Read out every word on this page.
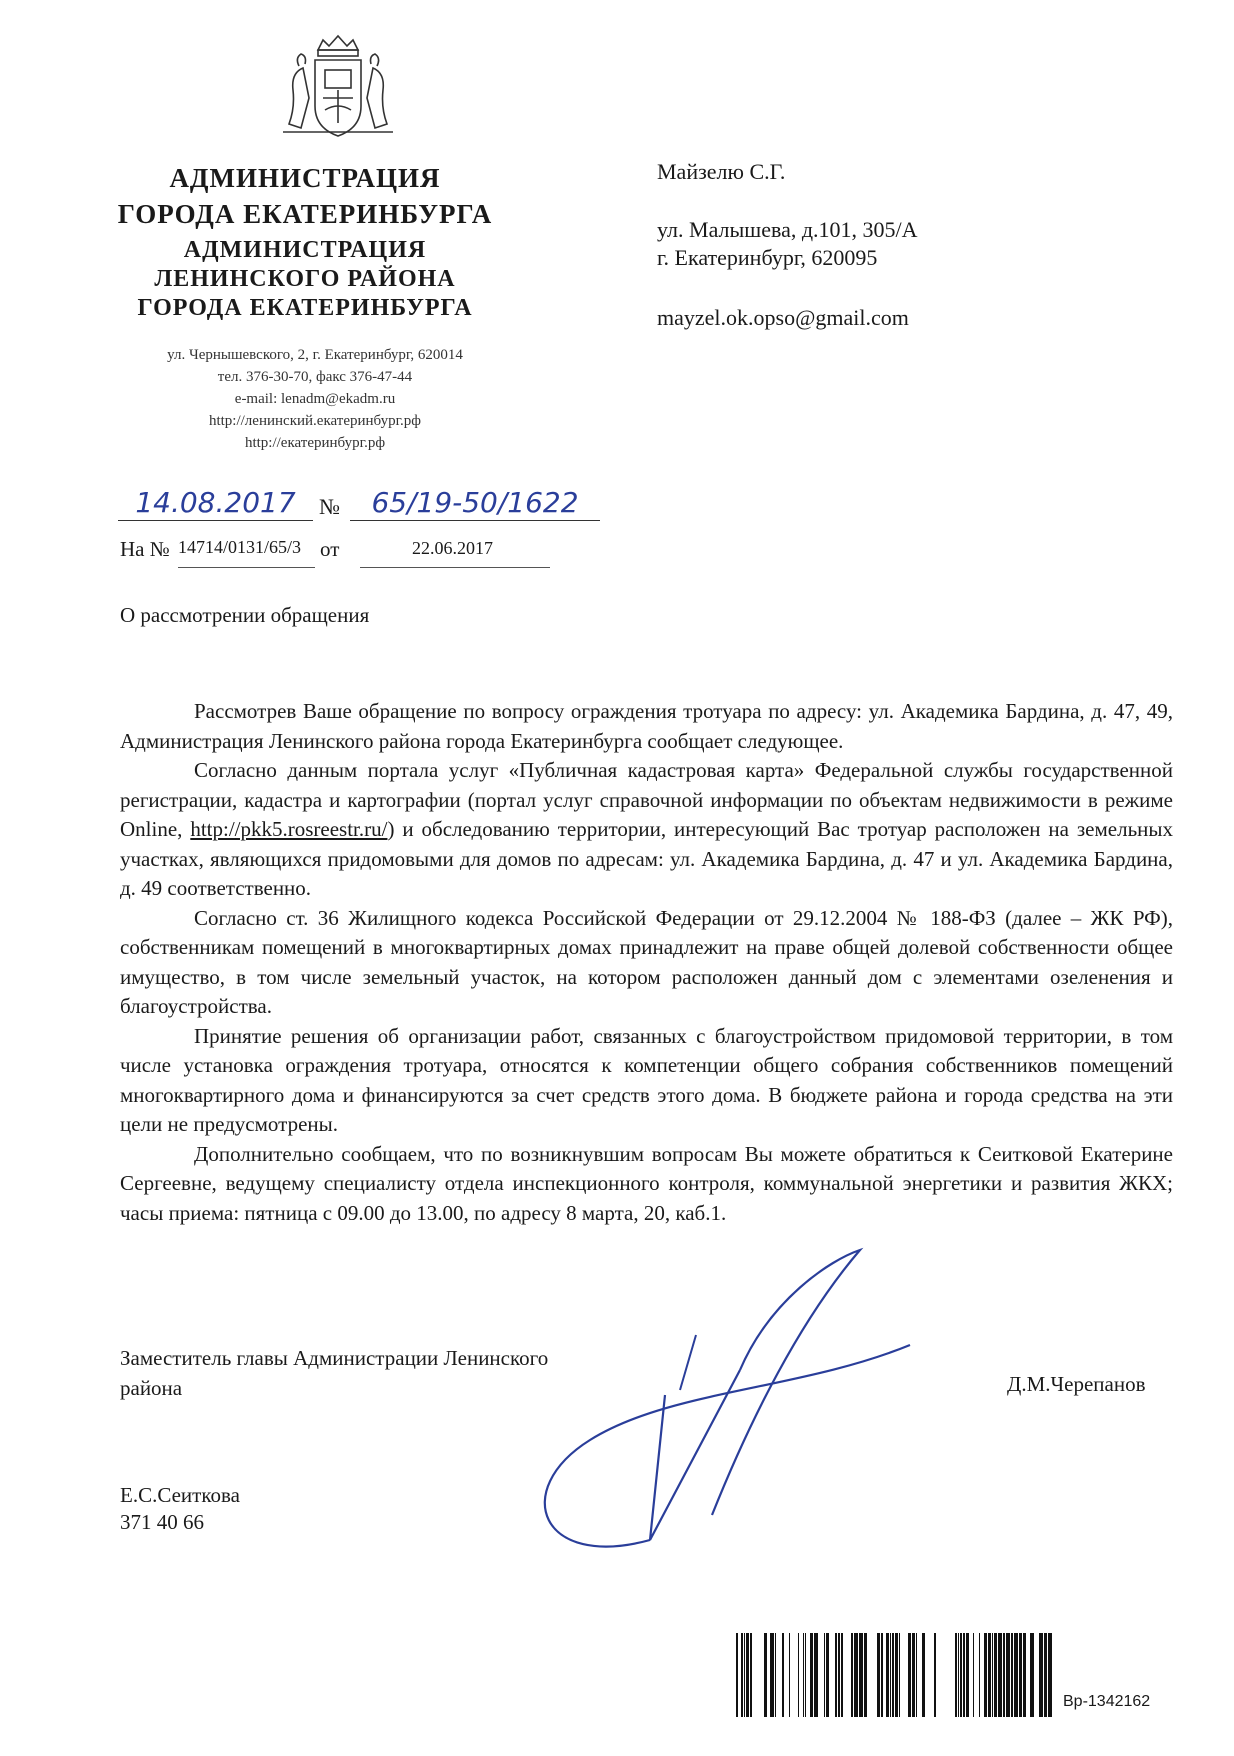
АДМИНИСТРАЦИЯ
ГОРОДА ЕКАТЕРИНБУРГА
АДМИНИСТРАЦИЯ
ЛЕНИНСКОГО РАЙОНА
ГОРОДА ЕКАТЕРИНБУРГА
ул. Чернышевского, 2, г. Екатеринбург, 620014
тел. 376-30-70, факс 376-47-44
e-mail: lenadm@ekadm.ru
http://ленинский.екатеринбург.рф
http://екатеринбург.рф
Майзелю С.Г.
ул. Малышева, д.101, 305/А
г. Екатеринбург, 620095
mayzel.ok.opso@gmail.com
14.08.2017	№	65/19-50/1622
На № 14714/0131/65/3 от	22.06.2017
О рассмотрении обращения

Рассмотрев Ваше обращение по вопросу ограждения тротуара по адресу: ул. Академика Бардина, д. 47, 49, Администрация Ленинского района города Екатеринбурга сообщает следующее.

Согласно данным портала услуг «Публичная кадастровая карта» Федеральной службы государственной регистрации, кадастра и картографии (портал услуг справочной информации по объектам недвижимости в режиме Online, http://pkk5.rosreestr.ru/) и обследованию территории, интересующий Вас тротуар расположен на земельных участках, являющихся придомовыми для домов по адресам: ул. Академика Бардина, д. 47 и ул. Академика Бардина, д. 49 соответственно.

Согласно ст. 36 Жилищного кодекса Российской Федерации от 29.12.2004 № 188-ФЗ (далее – ЖК РФ), собственникам помещений в многоквартирных домах принадлежит на праве общей долевой собственности общее имущество, в том числе земельный участок, на котором расположен данный дом с элементами озеленения и благоустройства.

Принятие решения об организации работ, связанных с благоустройством придомовой территории, в том числе установка ограждения тротуара, относятся к компетенции общего собрания собственников помещений многоквартирного дома и финансируются за счет средств этого дома. В бюджете района и города средства на эти цели не предусмотрены.

Дополнительно сообщаем, что по возникнувшим вопросам Вы можете обратиться к Сеитковой Екатерине Сергеевне, ведущему специалисту отдела инспекционного контроля, коммунальной энергетики и развития ЖКХ; часы приема: пятница с 09.00 до 13.00, по адресу 8 марта, 20, каб.1.

Заместитель главы Администрации Ленинского
района	Д.М.Черепанов
Е.С.Сеиткова
371 40 66
Вр-1342162
